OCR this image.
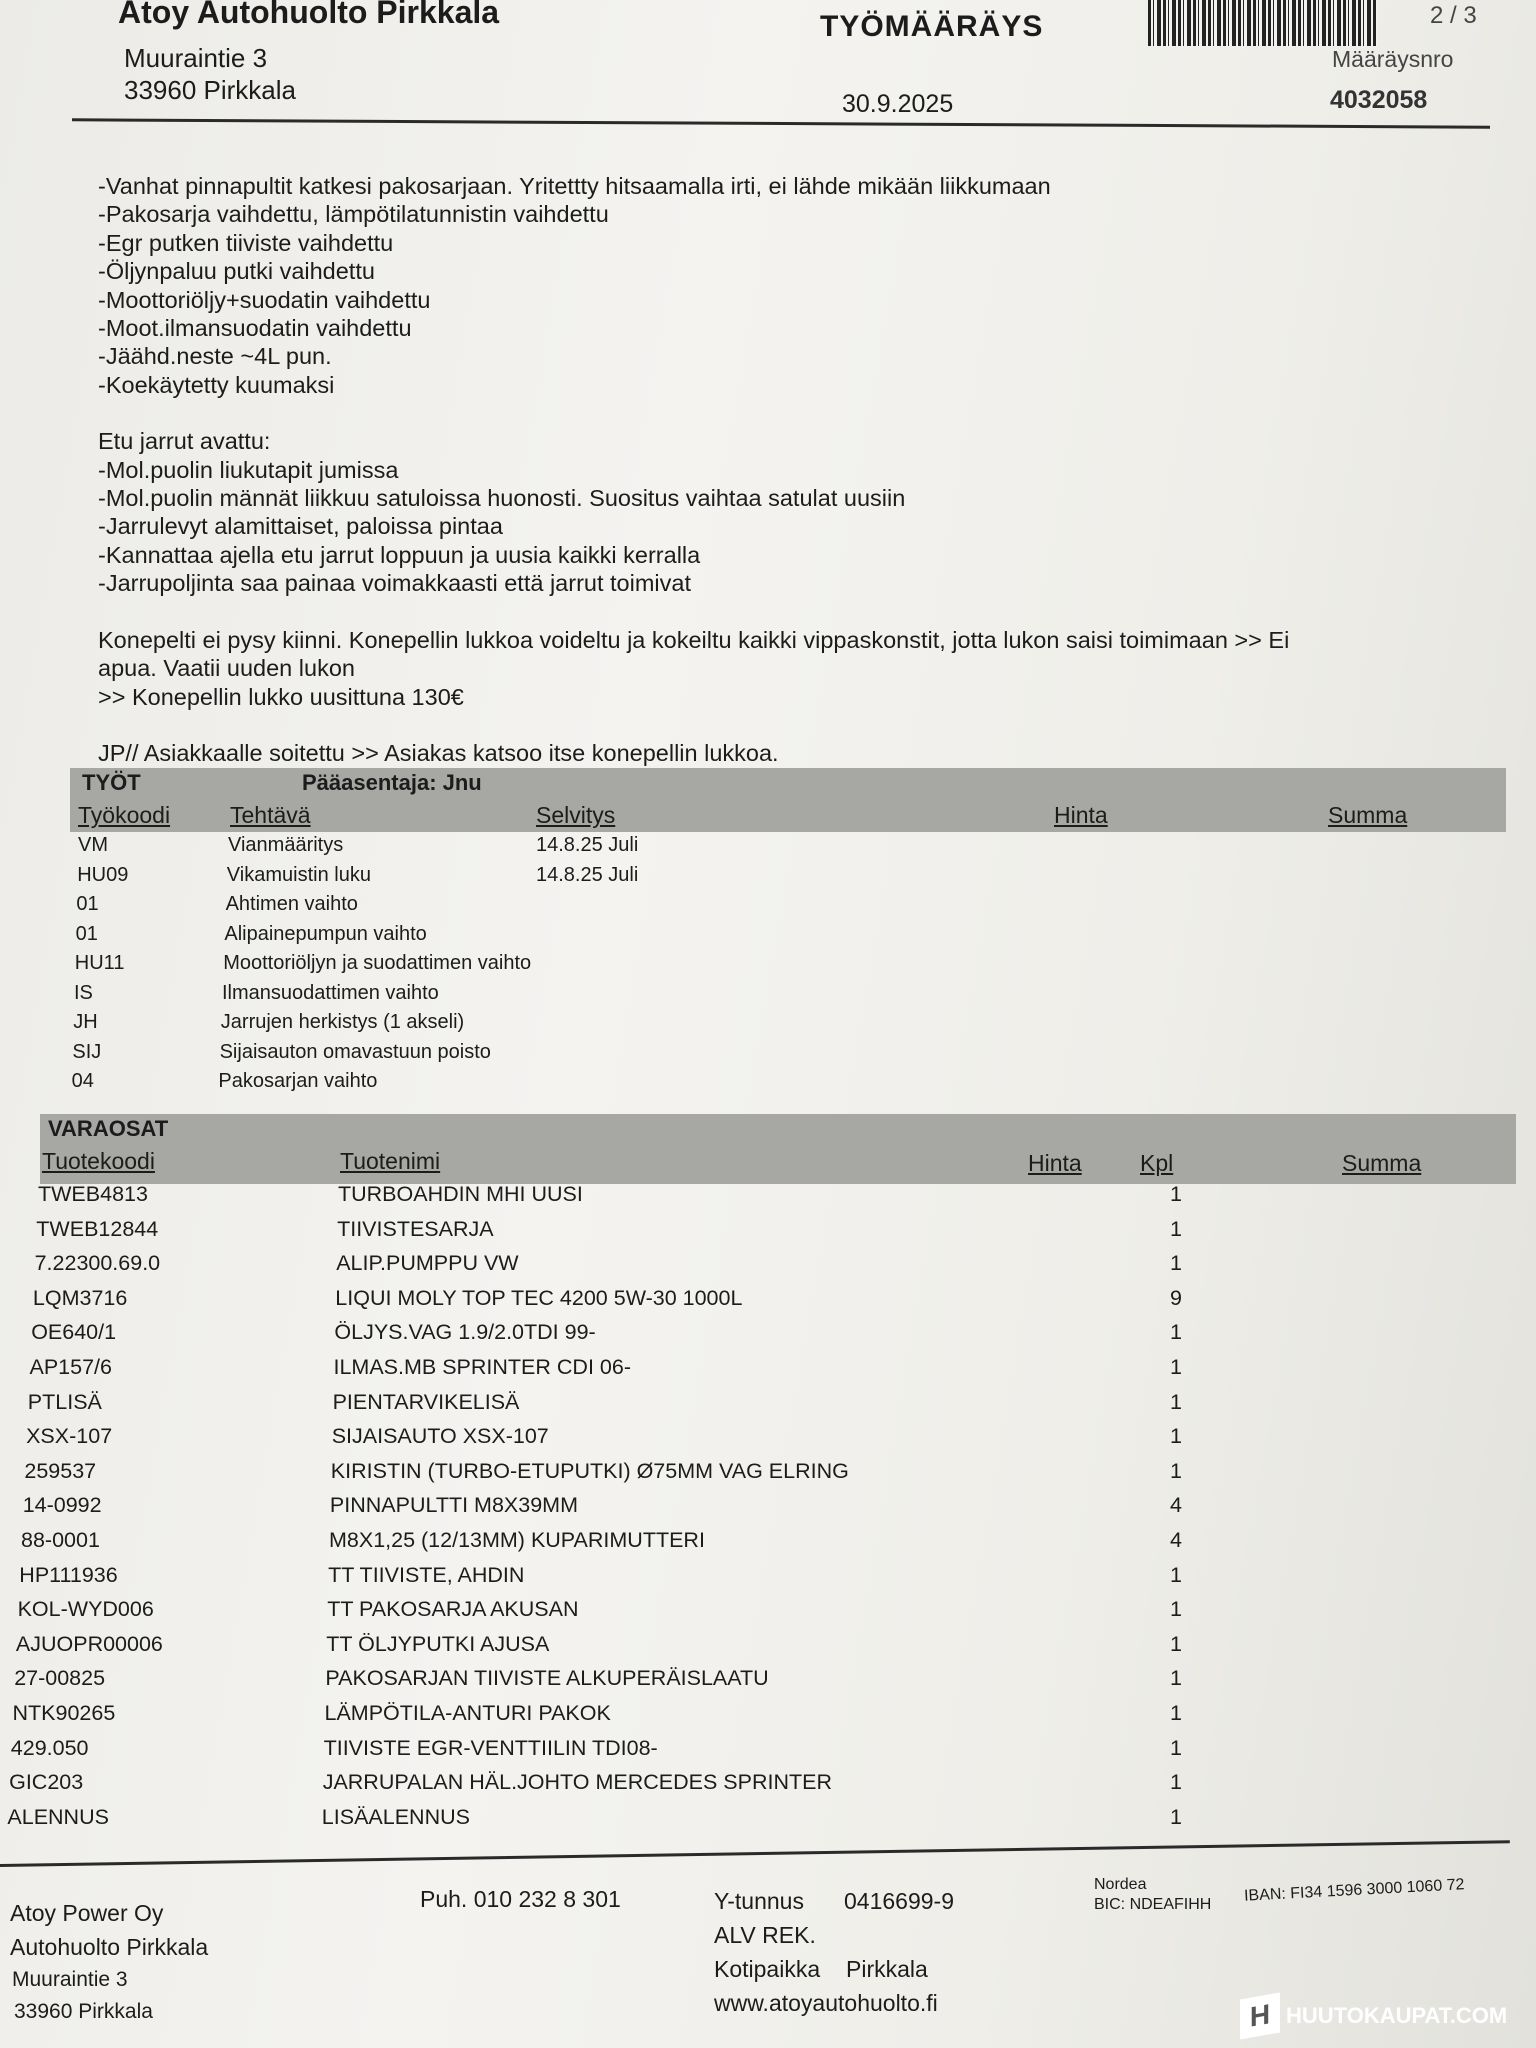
Atoy Autohuolto Pirkkala
Muuraintie 3
33960 Pirkkala
TYÖMÄÄRÄYS
30.9.2025
2 / 3
Määräysnro
4032058

-Vanhat pinnapultit katkesi pakosarjaan. Yritettty hitsaamalla irti, ei lähde mikään liikkumaan

-Pakosarja vaihdettu, lämpötilatunnistin vaihdettu

-Egr putken tiiviste vaihdettu

-Öljynpaluu putki vaihdettu

-Moottoriöljy+suodatin vaihdettu

-Moot.ilmansuodatin vaihdettu

-Jäähd.neste ~4L pun.

-Koekäytetty kuumaksi

Etu jarrut avattu:

-Mol.puolin liukutapit jumissa

-Mol.puolin männät liikkuu satuloissa huonosti. Suositus vaihtaa satulat uusiin

-Jarrulevyt alamittaiset, paloissa pintaa

-Kannattaa ajella etu jarrut loppuun ja uusia kaikki kerralla

-Jarrupoljinta saa painaa voimakkaasti että jarrut toimivat

Konepelti ei pysy kiinni. Konepellin lukkoa voideltu ja kokeiltu kaikki vippaskonstit, jotta lukon saisi toimimaan >> Ei

apua. Vaatii uuden lukon

>> Konepellin lukko uusittuna 130€

JP// Asiakkaalle soitettu >> Asiakas katsoo itse konepellin lukkoa.

TYÖT	Pääasentaja: Jnu
Työkoodi	Tehtävä	Selvitys	Hinta	Summa
VM	Vianmääritys	14.8.25 Juli
HU09	Vikamuistin luku	14.8.25 Juli
01	Ahtimen vaihto
01	Alipainepumpun vaihto
HU11	Moottoriöljyn ja suodattimen vaihto
IS	Ilmansuodattimen vaihto
JH	Jarrujen herkistys (1 akseli)
SIJ	Sijaisauton omavastuun poisto
04	Pakosarjan vaihto
VARAOSAT
Tuotekoodi	Tuotenimi	Hinta	Kpl	Summa
TWEB4813	TURBOAHDIN MHI UUSI	1
TWEB12844	TIIVISTESARJA	1
7.22300.69.0	ALIP.PUMPPU VW	1
LQM3716	LIQUI MOLY TOP TEC 4200 5W-30 1000L	9
OE640/1	ÖLJYS.VAG 1.9/2.0TDI 99-	1
AP157/6	ILMAS.MB SPRINTER CDI 06-	1
PTLISÄ	PIENTARVIKELISÄ	1
XSX-107	SIJAISAUTO XSX-107	1
259537	KIRISTIN (TURBO-ETUPUTKI) Ø75MM VAG ELRING	1
14-0992	PINNAPULTTI M8X39MM	4
88-0001	M8X1,25 (12/13MM) KUPARIMUTTERI	4
HP111936	TT TIIVISTE, AHDIN	1
KOL-WYD006	TT PAKOSARJA AKUSAN	1
AJUOPR00006	TT ÖLJYPUTKI AJUSA	1
27-00825	PAKOSARJAN TIIVISTE ALKUPERÄISLAATU	1
NTK90265	LÄMPÖTILA-ANTURI PAKOK	1
429.050	TIIVISTE EGR-VENTTIILIN TDI08-	1
GIC203	JARRUPALAN HÄL.JOHTO MERCEDES SPRINTER	1
ALENNUS	LISÄALENNUS	1
Atoy Power Oy
Autohuolto Pirkkala
Muuraintie 3
33960 Pirkkala
Puh. 010 232 8 301	Y-tunnus 0416699-9
ALV REK.
Kotipaikka Pirkkala
www.atoyautohuolto.fi
Nordea
BIC: NDEAFIHH IBAN: FI34 1596 3000 1060 72
H HUUTOKAUPAT.COM
